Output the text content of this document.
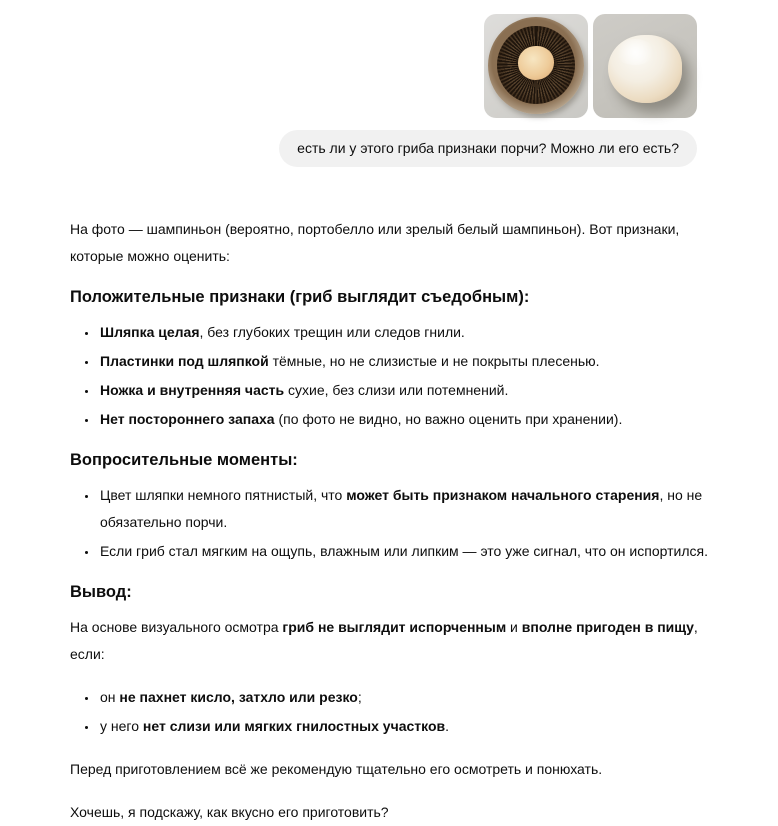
есть ли у этого гриба признаки порчи? Можно ли его есть?

На фото — шампиньон (вероятно, портобелло или зрелый белый шампиньон). Вот признаки, которые можно оценить:

Положительные признаки (гриб выглядит съедобным):
• Шляпка целая, без глубоких трещин или следов гнили.
• Пластинки под шляпкой тёмные, но не слизистые и не покрыты плесенью.
• Ножка и внутренняя часть сухие, без слизи или потемнений.
• Нет постороннего запаха (по фото не видно, но важно оценить при хранении).
Вопросительные моменты:
• Цвет шляпки немного пятнистый, что может быть признаком начального старения, но не обязательно порчи.
• Если гриб стал мягким на ощупь, влажным или липким — это уже сигнал, что он испортился.
Вывод:

На основе визуального осмотра гриб не выглядит испорченным и вполне пригоден в пищу, если:

• он не пахнет кисло, затхло или резко;
• у него нет слизи или мягких гнилостных участков.

Перед приготовлением всё же рекомендую тщательно его осмотреть и понюхать.

Хочешь, я подскажу, как вкусно его приготовить?
